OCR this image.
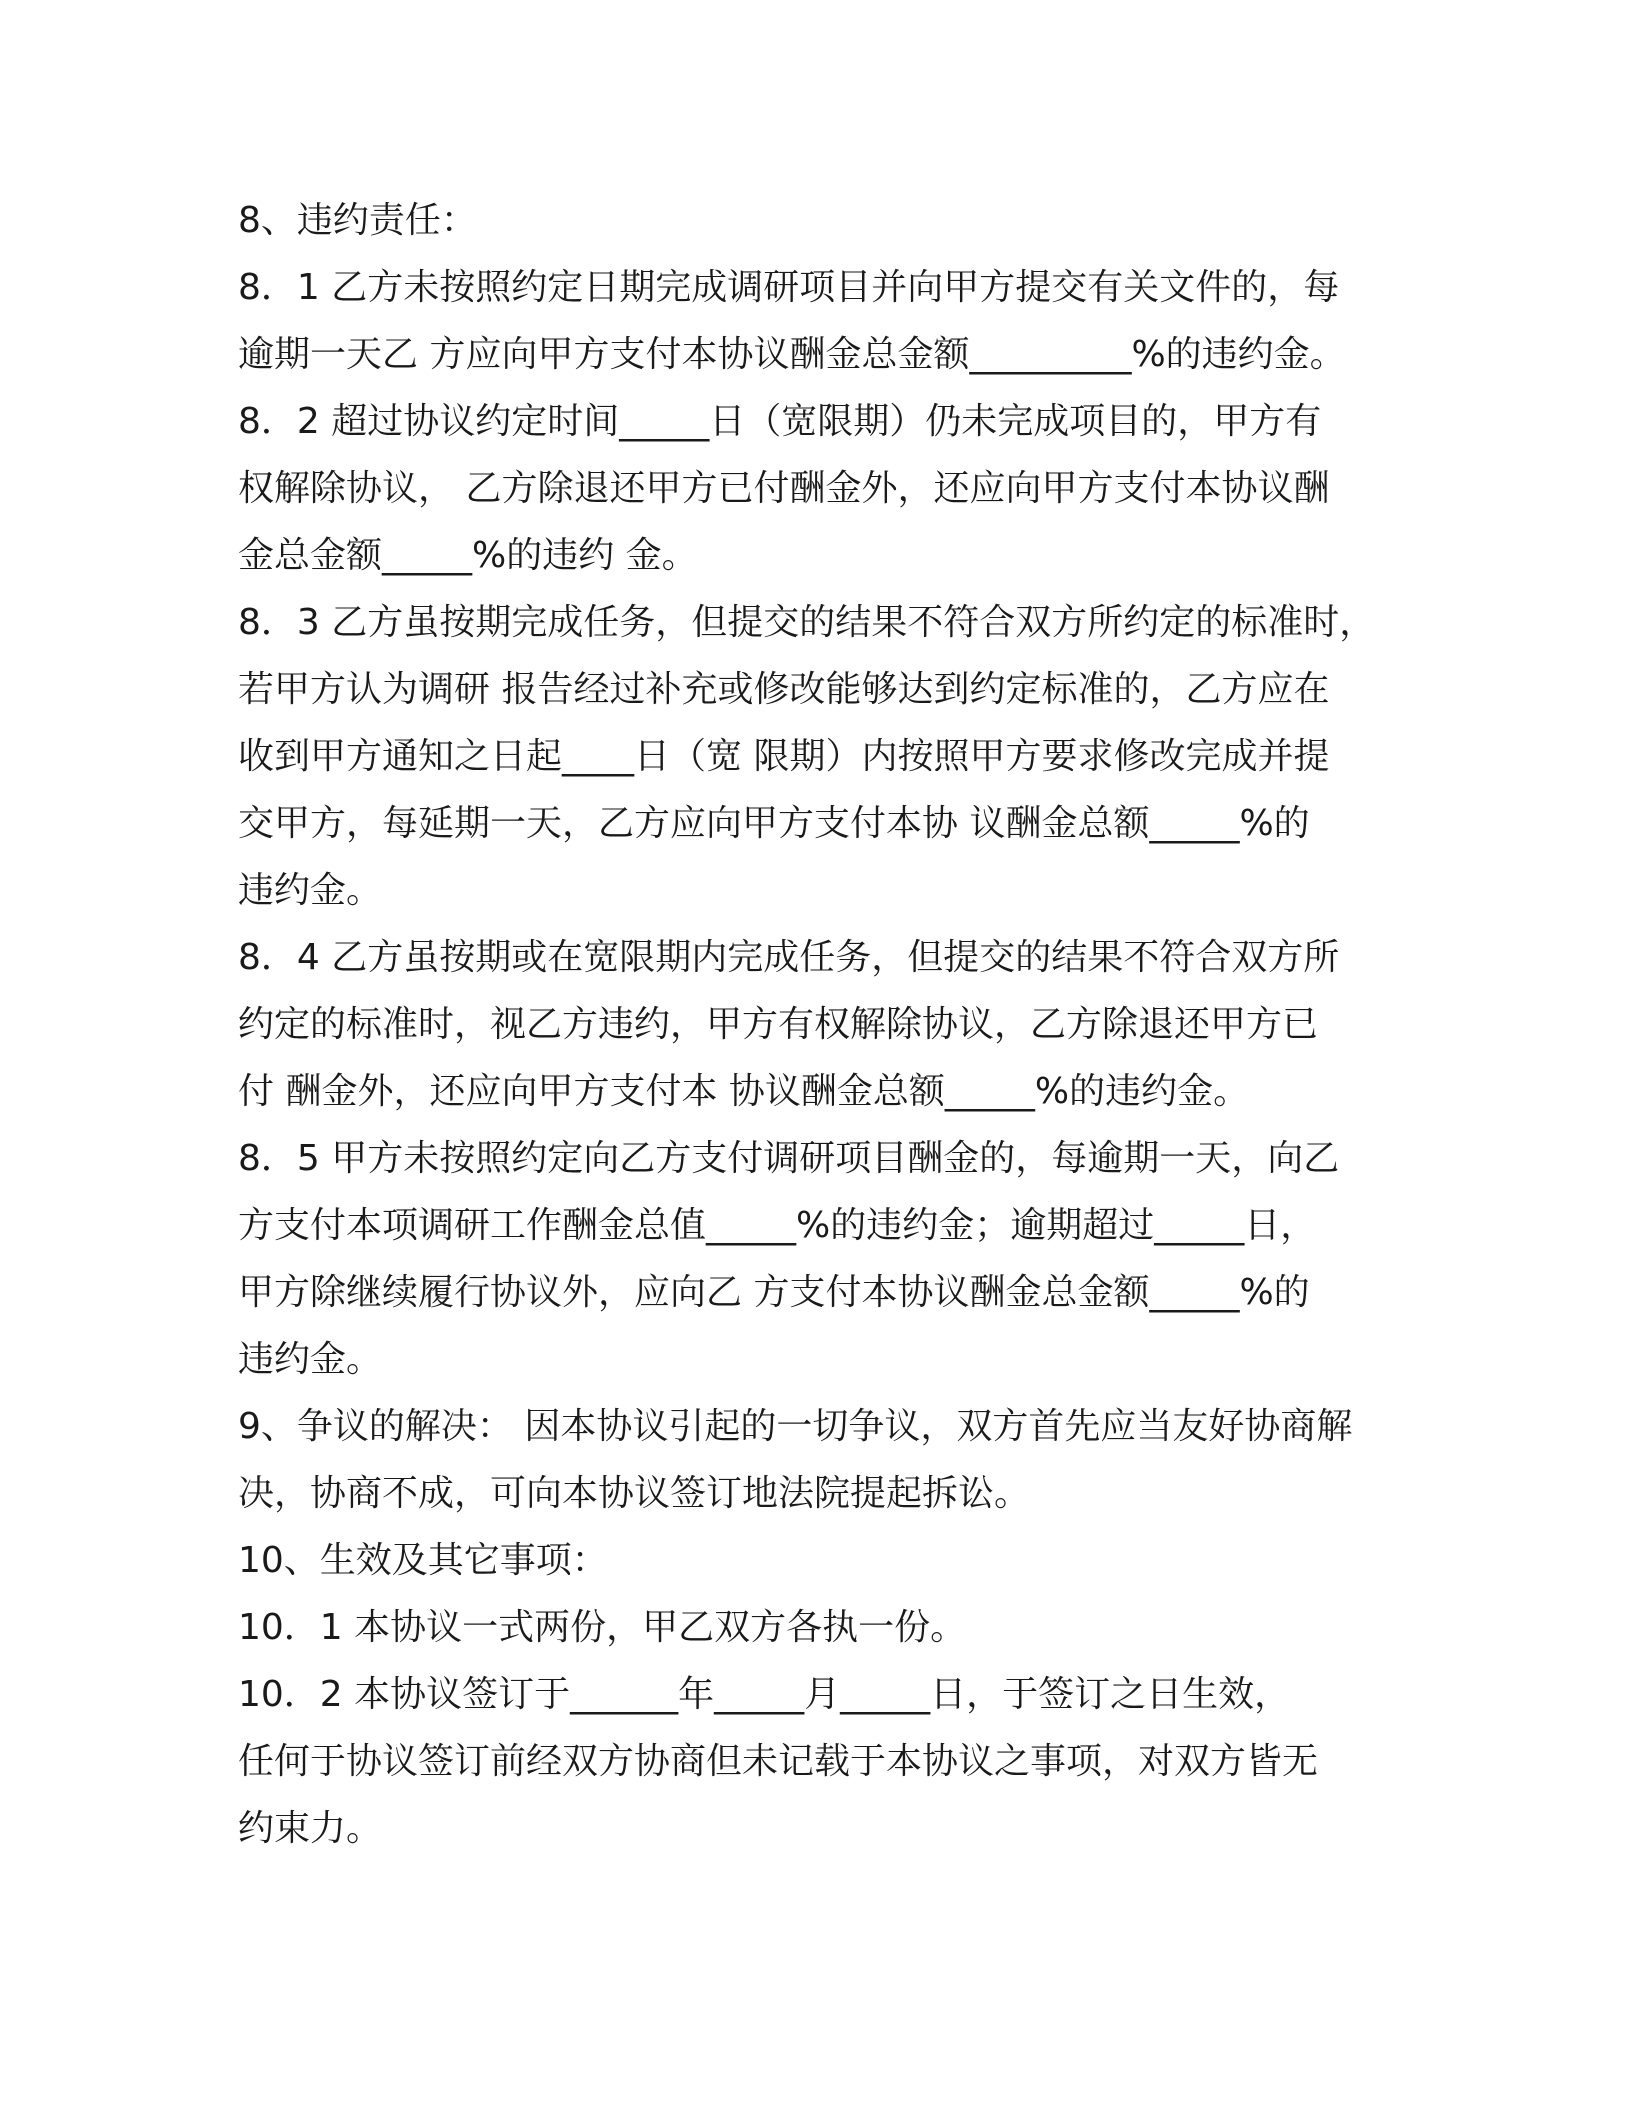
8、违约责任：
8．1 乙方未按照约定日期完成调研项目并向甲方提交有关文件的，每
逾期一天乙 方应向甲方支付本协议酬金总金额_________%的违约金。
8．2 超过协议约定时间_____日（宽限期）仍未完成项目的，甲方有
权解除协议， 乙方除退还甲方已付酬金外，还应向甲方支付本协议酬
金总金额_____%的违约 金。
8．3 乙方虽按期完成任务，但提交的结果不符合双方所约定的标准时，
若甲方认为调研 报告经过补充或修改能够达到约定标准的，乙方应在
收到甲方通知之日起____日（宽 限期）内按照甲方要求修改完成并提
交甲方，每延期一天，乙方应向甲方支付本协 议酬金总额_____%的
违约金。
8．4 乙方虽按期或在宽限期内完成任务，但提交的结果不符合双方所
约定的标准时，视乙方违约，甲方有权解除协议，乙方除退还甲方已
付 酬金外，还应向甲方支付本 协议酬金总额_____%的违约金。
8．5 甲方未按照约定向乙方支付调研项目酬金的，每逾期一天，向乙
方支付本项调研工作酬金总值_____%的违约金；逾期超过_____日，
甲方除继续履行协议外，应向乙 方支付本协议酬金总金额_____%的
违约金。
9、争议的解决： 因本协议引起的一切争议，双方首先应当友好协商解
决，协商不成，可向本协议签订地法院提起拆讼。
10、生效及其它事项：
10．1 本协议一式两份，甲乙双方各执一份。
10．2 本协议签订于______年_____月_____日，于签订之日生效，
任何于协议签订前经双方协商但未记载于本协议之事项，对双方皆无
约束力。
